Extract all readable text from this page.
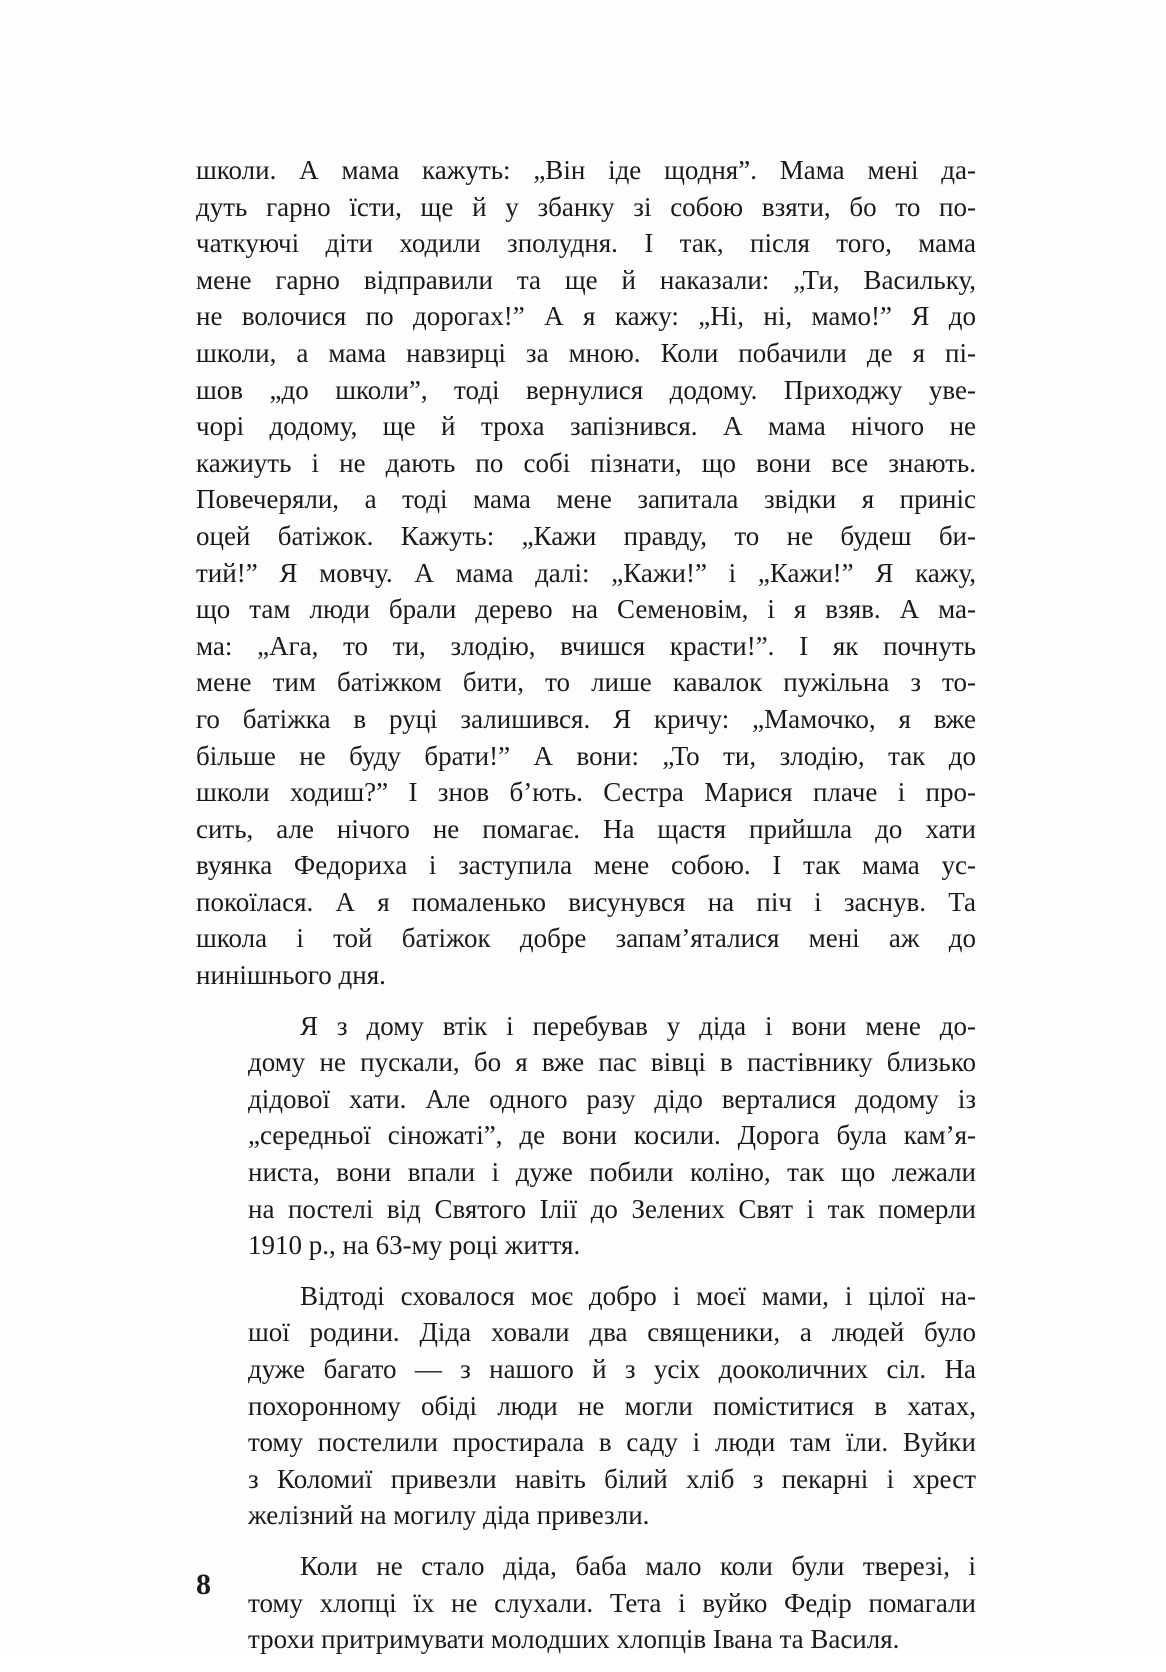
школи. А мама кажуть: „Він іде щодня”. Мама мені да-
дуть гарно їсти, ще й у збанку зі собою взяти, бо то по-
чаткуючі діти ходили зполудня. І так, після того, мама
мене гарно відправили та ще й наказали: „Ти, Васильку,
не волочися по дорогах!” А я кажу: „Ні, ні, мамо!” Я до
школи, а мама навзирці за мною. Коли побачили де я пі-
шов „до школи”, тоді вернулися додому. Приходжу уве-
чорі додому, ще й троха запізнився. А мама нічого не
кажиуть і не дають по собі пізнати, що вони все знають.
Повечеряли, а тоді мама мене запитала звідки я приніс
оцей батіжок. Кажуть: „Кажи правду, то не будеш би-
тий!” Я мовчу. А мама далі: „Кажи!” і „Кажи!” Я кажу,
що там люди брали дерево на Семеновім, і я взяв. А ма-
ма: „Ага, то ти, злодію, вчишся красти!”. І як почнуть
мене тим батіжком бити, то лише кавалок пужільна з то-
го батіжка в руці залишився. Я кричу: „Мамочко, я вже
більше не буду брати!” А вони: „То ти, злодію, так до
школи ходиш?” І знов б’ють. Сестра Марися плаче і про-
сить, але нічого не помагає. На щастя прийшла до хати
вуянка Федориха і заступила мене собою. І так мама ус-
покоїлася. А я помаленько висунувся на піч і заснув. Та
школа і той батіжок добре запам’яталися мені аж до
нинішнього дня.
Я з дому втік і перебував у діда і вони мене до-
дому не пускали, бо я вже пас вівці в пастівнику близько
дідової хати. Але одного разу дідо верталися додому із
„середньої сіножаті”, де вони косили. Дорога була кам’я-
ниста, вони впали і дуже побили коліно, так що лежали
на постелі від Святого Ілії до Зелених Свят і так померли
1910 р., на 63-му році життя.
Відтоді сховалося моє добро і моєї мами, і цілої на-
шої родини. Діда ховали два священики, а людей було
дуже багато — з нашого й з усіх дооколичних сіл. На
похоронному обіді люди не могли поміститися в хатах,
тому постелили простирала в саду і люди там їли. Вуйки
з Коломиї привезли навіть білий хліб з пекарні і хрест
желізний на могилу діда привезли.
Коли не стало діда, баба мало коли були тверезі, і
тому хлопці їх не слухали. Тета і вуйко Федір помагали
трохи притримувати молодших хлопців Івана та Василя.
8
